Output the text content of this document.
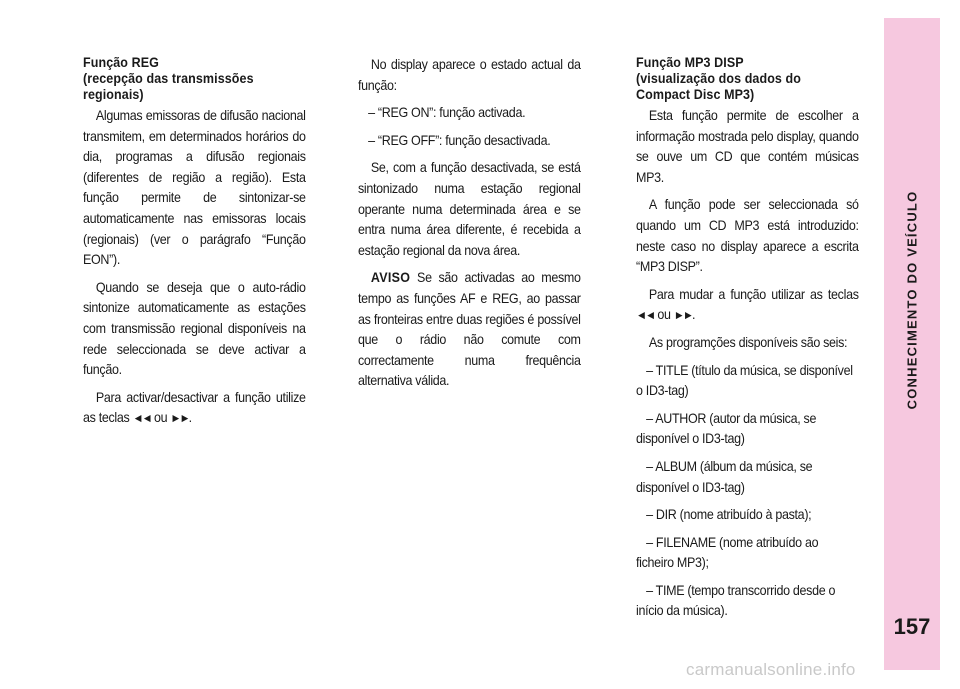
Função REG
(recepção das transmissões
regionais)

Algumas emissoras de difusão nacional transmitem, em determinados horários do dia, programas a difusão regionais (diferentes de região a região). Esta função permite de sintonizar-se automaticamente nas emissoras locais (regionais) (ver o parágrafo “Função EON”).

Quando se deseja que o auto-rádio sintonize automaticamente as estações com transmissão regional disponíveis na rede seleccionada se deve activar a função.

Para activar/desactivar a função utilize as teclas ◄◄ ou ►►.

No display aparece o estado actual da função:

– “REG ON”: função activada.

– “REG OFF”: função desactivada.

Se, com a função desactivada, se está sintonizado numa estação regional operante numa determinada área e se entra numa área diferente, é recebida a estação regional da nova área.

AVISO Se são activadas ao mesmo tempo as funções AF e REG, ao passar as fronteiras entre duas regiões é possível que o rádio não comute com correctamente numa frequência alternativa válida.

Função MP3 DISP
(visualização dos dados do
Compact Disc MP3)

Esta função permite de escolher a informação mostrada pelo display, quando se ouve um CD que contém músicas MP3.

A função pode ser seleccionada só quando um CD MP3 está introduzido: neste caso no display aparece a escrita “MP3 DISP”.

Para mudar a função utilizar as teclas ◄◄ ou ►►.

As programções disponíveis são seis:

– TITLE (título da música, se disponível o ID3-tag)

– AUTHOR (autor da música, se disponível o ID3-tag)

– ALBUM (álbum da música, se disponível o ID3-tag)

– DIR (nome atribuído à pasta);

– FILENAME (nome atribuído ao ficheiro MP3);

– TIME (tempo transcorrido desde o início da música).

CONHECIMENTO DO VEÍCULO
157
carmanualsonline.info
